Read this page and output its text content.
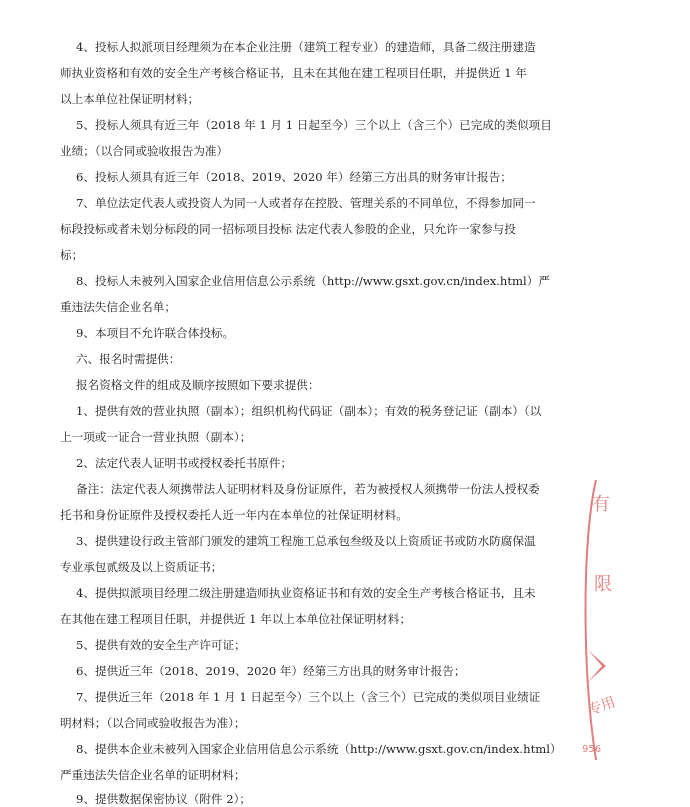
4、投标人拟派项目经理须为在本企业注册（建筑工程专业）的建造师，具备二级注册建造
师执业资格和有效的安全生产考核合格证书，且未在其他在建工程项目任职，并提供近 1 年
以上本单位社保证明材料；
5、投标人须具有近三年（2018 年 1 月 1 日起至今）三个以上（含三个）已完成的类似项目
业绩；（以合同或验收报告为准）
6、投标人须具有近三年（2018、2019、2020 年）经第三方出具的财务审计报告；
7、单位法定代表人或投资人为同一人或者存在控股、管理关系的不同单位，不得参加同一
标段投标或者未划分标段的同一招标项目投标 法定代表人参股的企业，只允许一家参与投
标；
8、投标人未被列入国家企业信用信息公示系统（http://www.gsxt.gov.cn/index.html）严
重违法失信企业名单；
9、本项目不允许联合体投标。
六、报名时需提供：
报名资格文件的组成及顺序按照如下要求提供：
1、提供有效的营业执照（副本）；组织机构代码证（副本）；有效的税务登记证（副本）（以
上一项或一证合一营业执照（副本）；
2、法定代表人证明书或授权委托书原件；
备注：法定代表人须携带法人证明材料及身份证原件，若为被授权人须携带一份法人授权委
托书和身份证原件及授权委托人近一年内在本单位的社保证明材料。
3、提供建设行政主管部门颁发的建筑工程施工总承包叁级及以上资质证书或防水防腐保温
专业承包贰级及以上资质证书；
4、提供拟派项目经理二级注册建造师执业资格证书和有效的安全生产考核合格证书，且未
在其他在建工程项目任职，并提供近 1 年以上本单位社保证明材料；
5、提供有效的安全生产许可证；
6、提供近三年（2018、2019、2020 年）经第三方出具的财务审计报告；
7、提供近三年（2018 年 1 月 1 日起至今）三个以上（含三个）已完成的类似项目业绩证
明材料；（以合同或验收报告为准）；
8、提供本企业未被列入国家企业信用信息公示系统（http://www.gsxt.gov.cn/index.html）
严重违法失信企业名单的证明材料；
9、提供数据保密协议（附件 2）；
有
限
专用
956
